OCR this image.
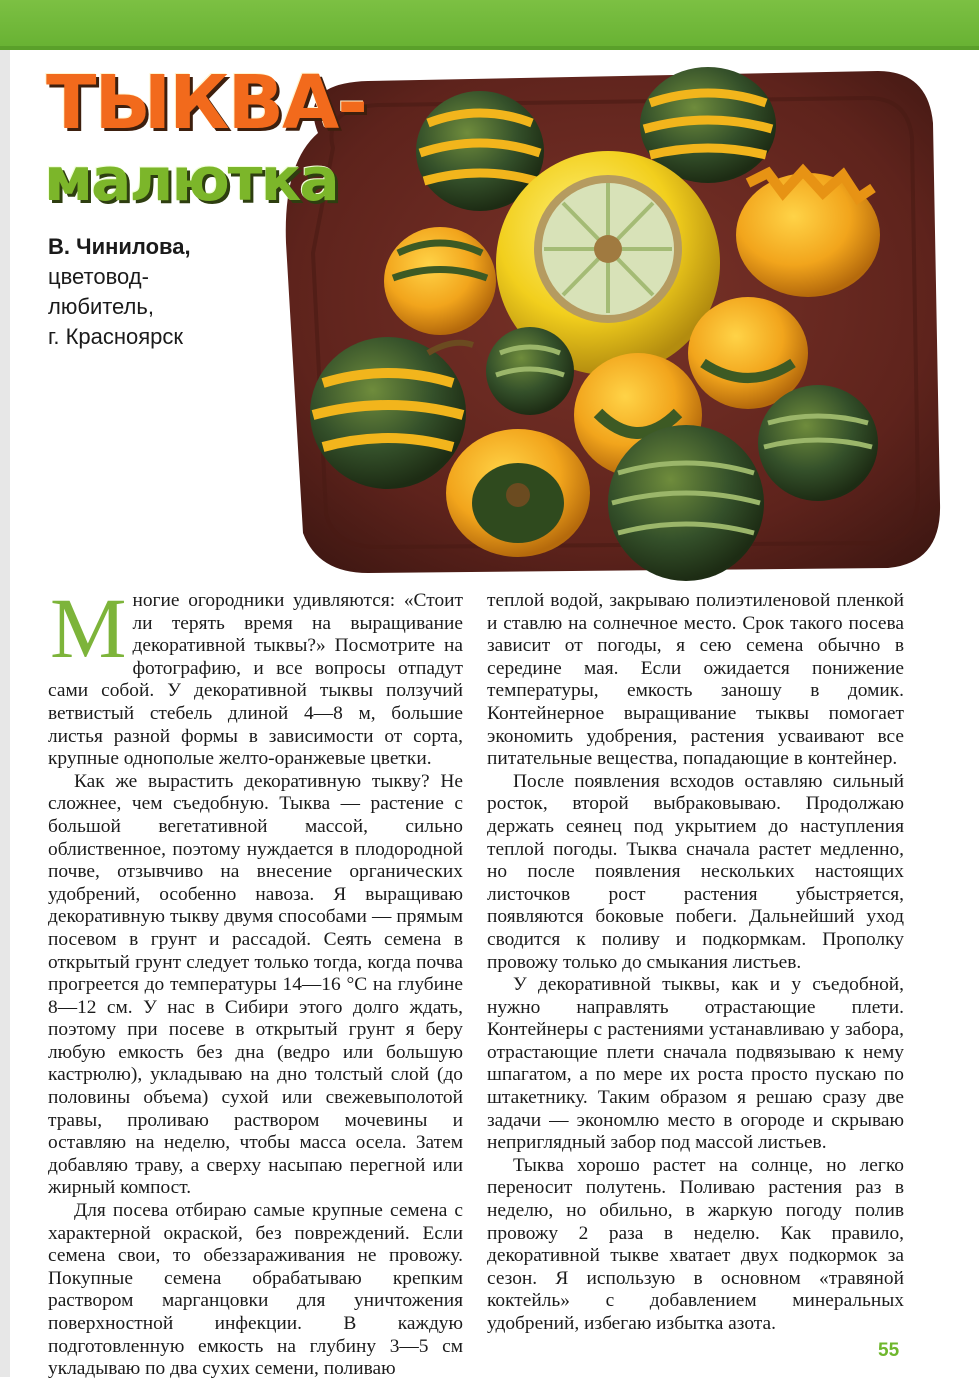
ТЫКВА-
малютка
В. Чинилова,
цветовод-
любитель,
г. Красноярск

Многие огородники удивляются: «Стоит ли терять время на выращивание декоративной тыквы?» Посмотрите на фотографию, и все вопросы отпадут сами собой. У декоративной тыквы ползучий ветвистый стебель длиной 4—8 м, большие листья разной формы в зависимости от сорта, крупные однополые желто-оранжевые цветки.

Как же вырастить декоративную тыкву? Не сложнее, чем съедобную. Тыква — растение с большой вегетативной массой, сильно облиственное, поэтому нуждается в плодородной почве, отзывчиво на внесение органических удобрений, особенно навоза. Я выращиваю декоративную тыкву двумя способами — прямым посевом в грунт и рассадой. Сеять семена в открытый грунт следует только тогда, когда почва прогреется до температуры 14—16 °С на глубине 8—12 см. У нас в Сибири этого долго ждать, поэтому при посеве в открытый грунт я беру любую емкость без дна (ведро или большую кастрюлю), укладываю на дно толстый слой (до половины объема) сухой или свежевыполотой травы, проливаю раствором мочевины и оставляю на неделю, чтобы масса осела. Затем добавляю траву, а сверху насыпаю перегной или жирный компост.

Для посева отбираю самые крупные семена с характерной окраской, без повреждений. Если семена свои, то обеззараживания не провожу. Покупные семена обрабатываю крепким раствором марганцовки для уничтожения поверхностной инфекции. В каждую подготовленную емкость на глубину 3—5 см укладываю по два сухих семени, поливаю

теплой водой, закрываю полиэтиленовой пленкой и ставлю на солнечное место. Срок такого посева зависит от погоды, я сею семена обычно в середине мая. Если ожидается понижение температуры, емкость заношу в домик. Контейнерное выращивание тыквы помогает экономить удобрения, растения усваивают все питательные вещества, попадающие в контейнер.

После появления всходов оставляю сильный росток, второй выбраковываю. Продолжаю держать сеянец под укрытием до наступления теплой погоды. Тыква сначала растет медленно, но после появления нескольких настоящих листочков рост растения убыстряется, появляются боковые побеги. Дальнейший уход сводится к поливу и подкормкам. Прополку провожу только до смыкания листьев.

У декоративной тыквы, как и у съедобной, нужно направлять отрастающие плети. Контейнеры с растениями устанавливаю у забора, отрастающие плети сначала подвязываю к нему шпагатом, а по мере их роста просто пускаю по штакетнику. Таким образом я решаю сразу две задачи — экономлю место в огороде и скрываю неприглядный забор под массой листьев.

Тыква хорошо растет на солнце, но легко переносит полутень. Поливаю растения раз в неделю, но обильно, в жаркую погоду полив провожу 2 раза в неделю. Как правило, декоративной тыкве хватает двух подкормок за сезон. Я использую в основном «травяной коктейль» с добавлением минеральных удобрений, избегаю избытка азота.

55
